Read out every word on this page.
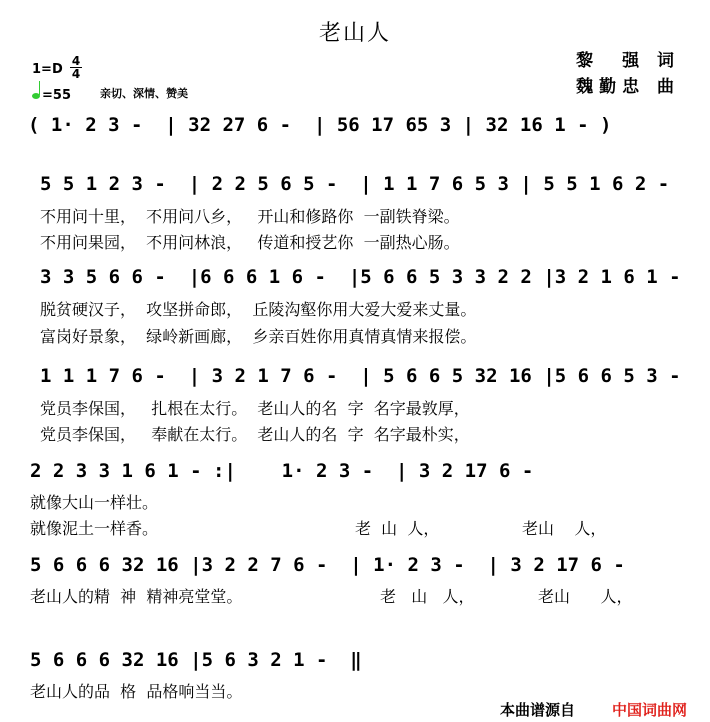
老山人
黎　强 词
魏勤忠 曲
1=D
4
4
=55	亲切、深情、赞美
( 1· 2 3 -  | 32 27 6 -  | 56 17 65 3 | 32 16 1 - )
5 5 1 2 3 -  | 2 2 5 6 5 -  | 1 1 7 6 5 3 | 5 5 1 6 2 -
3 3 5 6 6 -  |6 6 6 1 6 -  |5 6 6 5 3 3 2 2 |3 2 1 6 1 -
1 1 1 7 6 -  | 3 2 1 7 6 -  | 5 6 6 5 32 16 |5 6 6 5 3 -
2 2 3 3 1 6 1 - :|    1· 2 3 -  | 3 2 17 6 -
5 6 6 6 32 16 |3 2 2 7 6 -  | 1· 2 3 -  | 3 2 17 6 -
5 6 6 6 32 16 |5 6 3 2 1 -  ‖
不用问十里，  不用问八乡，   开山和修路你  一副铁脊梁。
不用问果园，  不用问林浪，   传道和授艺你  一副热心肠。
脱贫硬汉子，  攻坚拼命郎，  丘陵沟壑你用大爱大爱来丈量。
富岗好景象，  绿岭新画廊，  乡亲百姓你用真情真情来报偿。
党员李保国，   扎根在太行。  老山人的名  字  名字最敦厚，
党员李保国，   奉献在太行。  老山人的名  字  名字最朴实，
就像大山一样壮。

就像泥土一样香。

	老  山  人，

	老山    人，

老山人的精  神  精神亮堂堂。

	老   山   人，

	老山      人，

老山人的品  格  品格响当当。
本曲谱源自 中国词曲网
